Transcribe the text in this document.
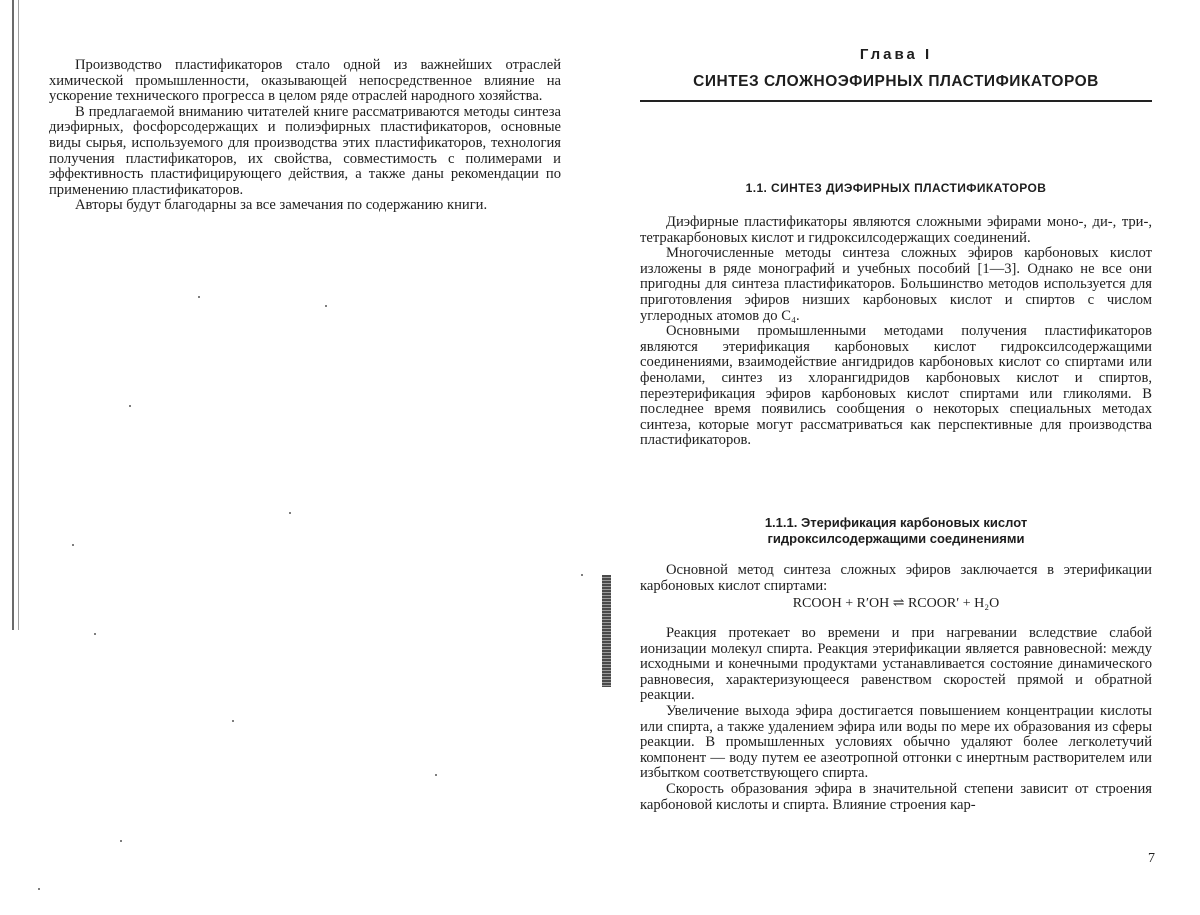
Производство пластификаторов стало одной из важнейших отраслей химической промышленности, оказывающей непосредственное влияние на ускорение технического прогресса в целом ряде отраслей народного хозяйства.

В предлагаемой вниманию читателей книге рассматриваются методы синтеза диэфирных, фосфорсодержащих и полиэфирных пластификаторов, основные виды сырья, используемого для производства этих пластификаторов, технология получения пластификаторов, их свойства, совместимость с полимерами и эффективность пластифицирующего действия, а также даны рекомендации по применению пластификаторов.

Авторы будут благодарны за все замечания по содержанию книги.

Глава I
СИНТЕЗ СЛОЖНОЭФИРНЫХ ПЛАСТИФИКАТОРОВ
1.1. СИНТЕЗ ДИЭФИРНЫХ ПЛАСТИФИКАТОРОВ

Диэфирные пластификаторы являются сложными эфирами моно-, ди-, три-, тетракарбоновых кислот и гидроксилсодержащих соединений.

Многочисленные методы синтеза сложных эфиров карбоновых кислот изложены в ряде монографий и учебных пособий [1—3]. Однако не все они пригодны для синтеза пластификаторов. Большинство методов используется для приготовления эфиров низших карбоновых кислот и спиртов с числом углеродных атомов до C₄.

Основными промышленными методами получения пластификаторов являются этерификация карбоновых кислот гидроксилсодержащими соединениями, взаимодействие ангидридов карбоновых кислот со спиртами или фенолами, синтез из хлорангидридов карбоновых кислот и спиртов, переэтерификация эфиров карбоновых кислот спиртами или гликолями. В последнее время появились сообщения о некоторых специальных методах синтеза, которые могут рассматриваться как перспективные для производства пластификаторов.

1.1.1. Этерификация карбоновых кислот
гидроксилсодержащими соединениями

Основной метод синтеза сложных эфиров заключается в этерификации карбоновых кислот спиртами:

RCOOH + R′OH ⇌ RCOOR′ + H₂O

Реакция протекает во времени и при нагревании вследствие слабой ионизации молекул спирта. Реакция этерификации является равновесной: между исходными и конечными продуктами устанавливается состояние динамического равновесия, характеризующееся равенством скоростей прямой и обратной реакции.

Увеличение выхода эфира достигается повышением концентрации кислоты или спирта, а также удалением эфира или воды по мере их образования из сферы реакции. В промышленных условиях обычно удаляют более легколетучий компонент — воду путем ее азеотропной отгонки с инертным растворителем или избытком соответствующего спирта.

Скорость образования эфира в значительной степени зависит от строения карбоновой кислоты и спирта. Влияние строения кар-

7
